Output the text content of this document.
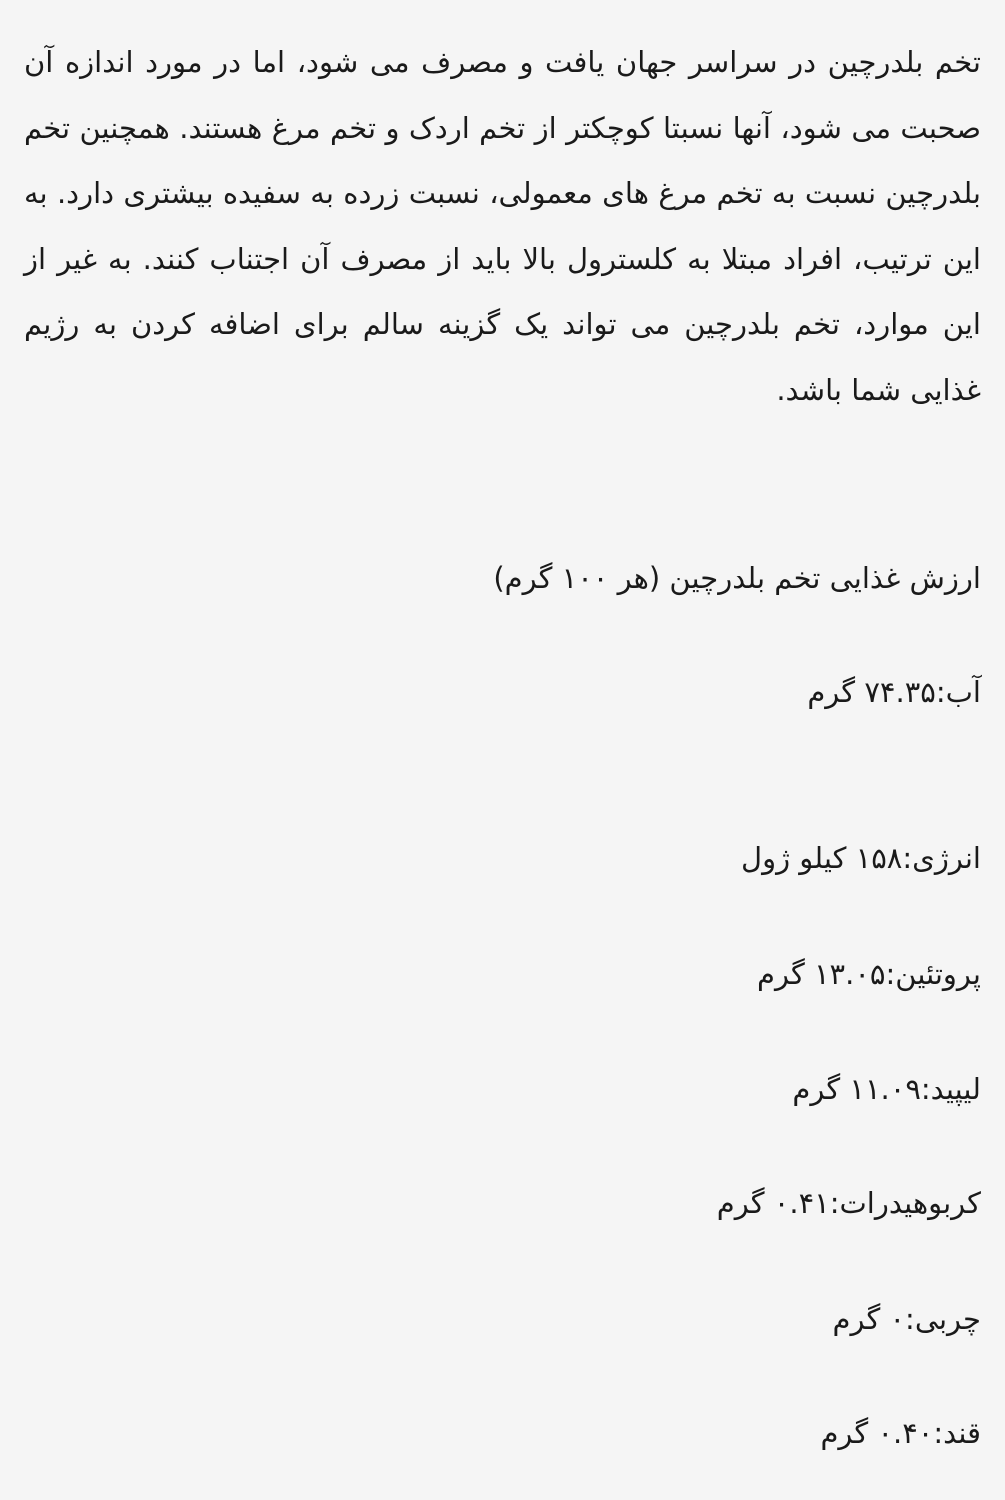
تخم بلدرچین در سراسر جهان یافت و مصرف می شود، اما در مورد اندازه آن صحبت می شود، آنها نسبتا کوچکتر از تخم اردک و تخم مرغ هستند. همچنین تخم بلدرچین نسبت به تخم مرغ های معمولی، نسبت زرده به سفیده بیشتری دارد. به این ترتیب، افراد مبتلا به کلسترول بالا باید از مصرف آن اجتناب کنند. به غیر از این موارد، تخم بلدرچین می تواند یک گزینه سالم برای اضافه کردن به رژیم غذایی شما باشد.

ارزش غذایی تخم بلدرچین (هر ۱۰۰ گرم)

آب:۷۴.۳۵ گرم

انرژی:۱۵۸ کیلو ژول

پروتئین:۱۳.۰۵ گرم

لیپید:۱۱.۰۹ گرم

کربوهیدرات:۰.۴۱ گرم

چربی:۰ گرم

قند:۰.۴۰ گرم
